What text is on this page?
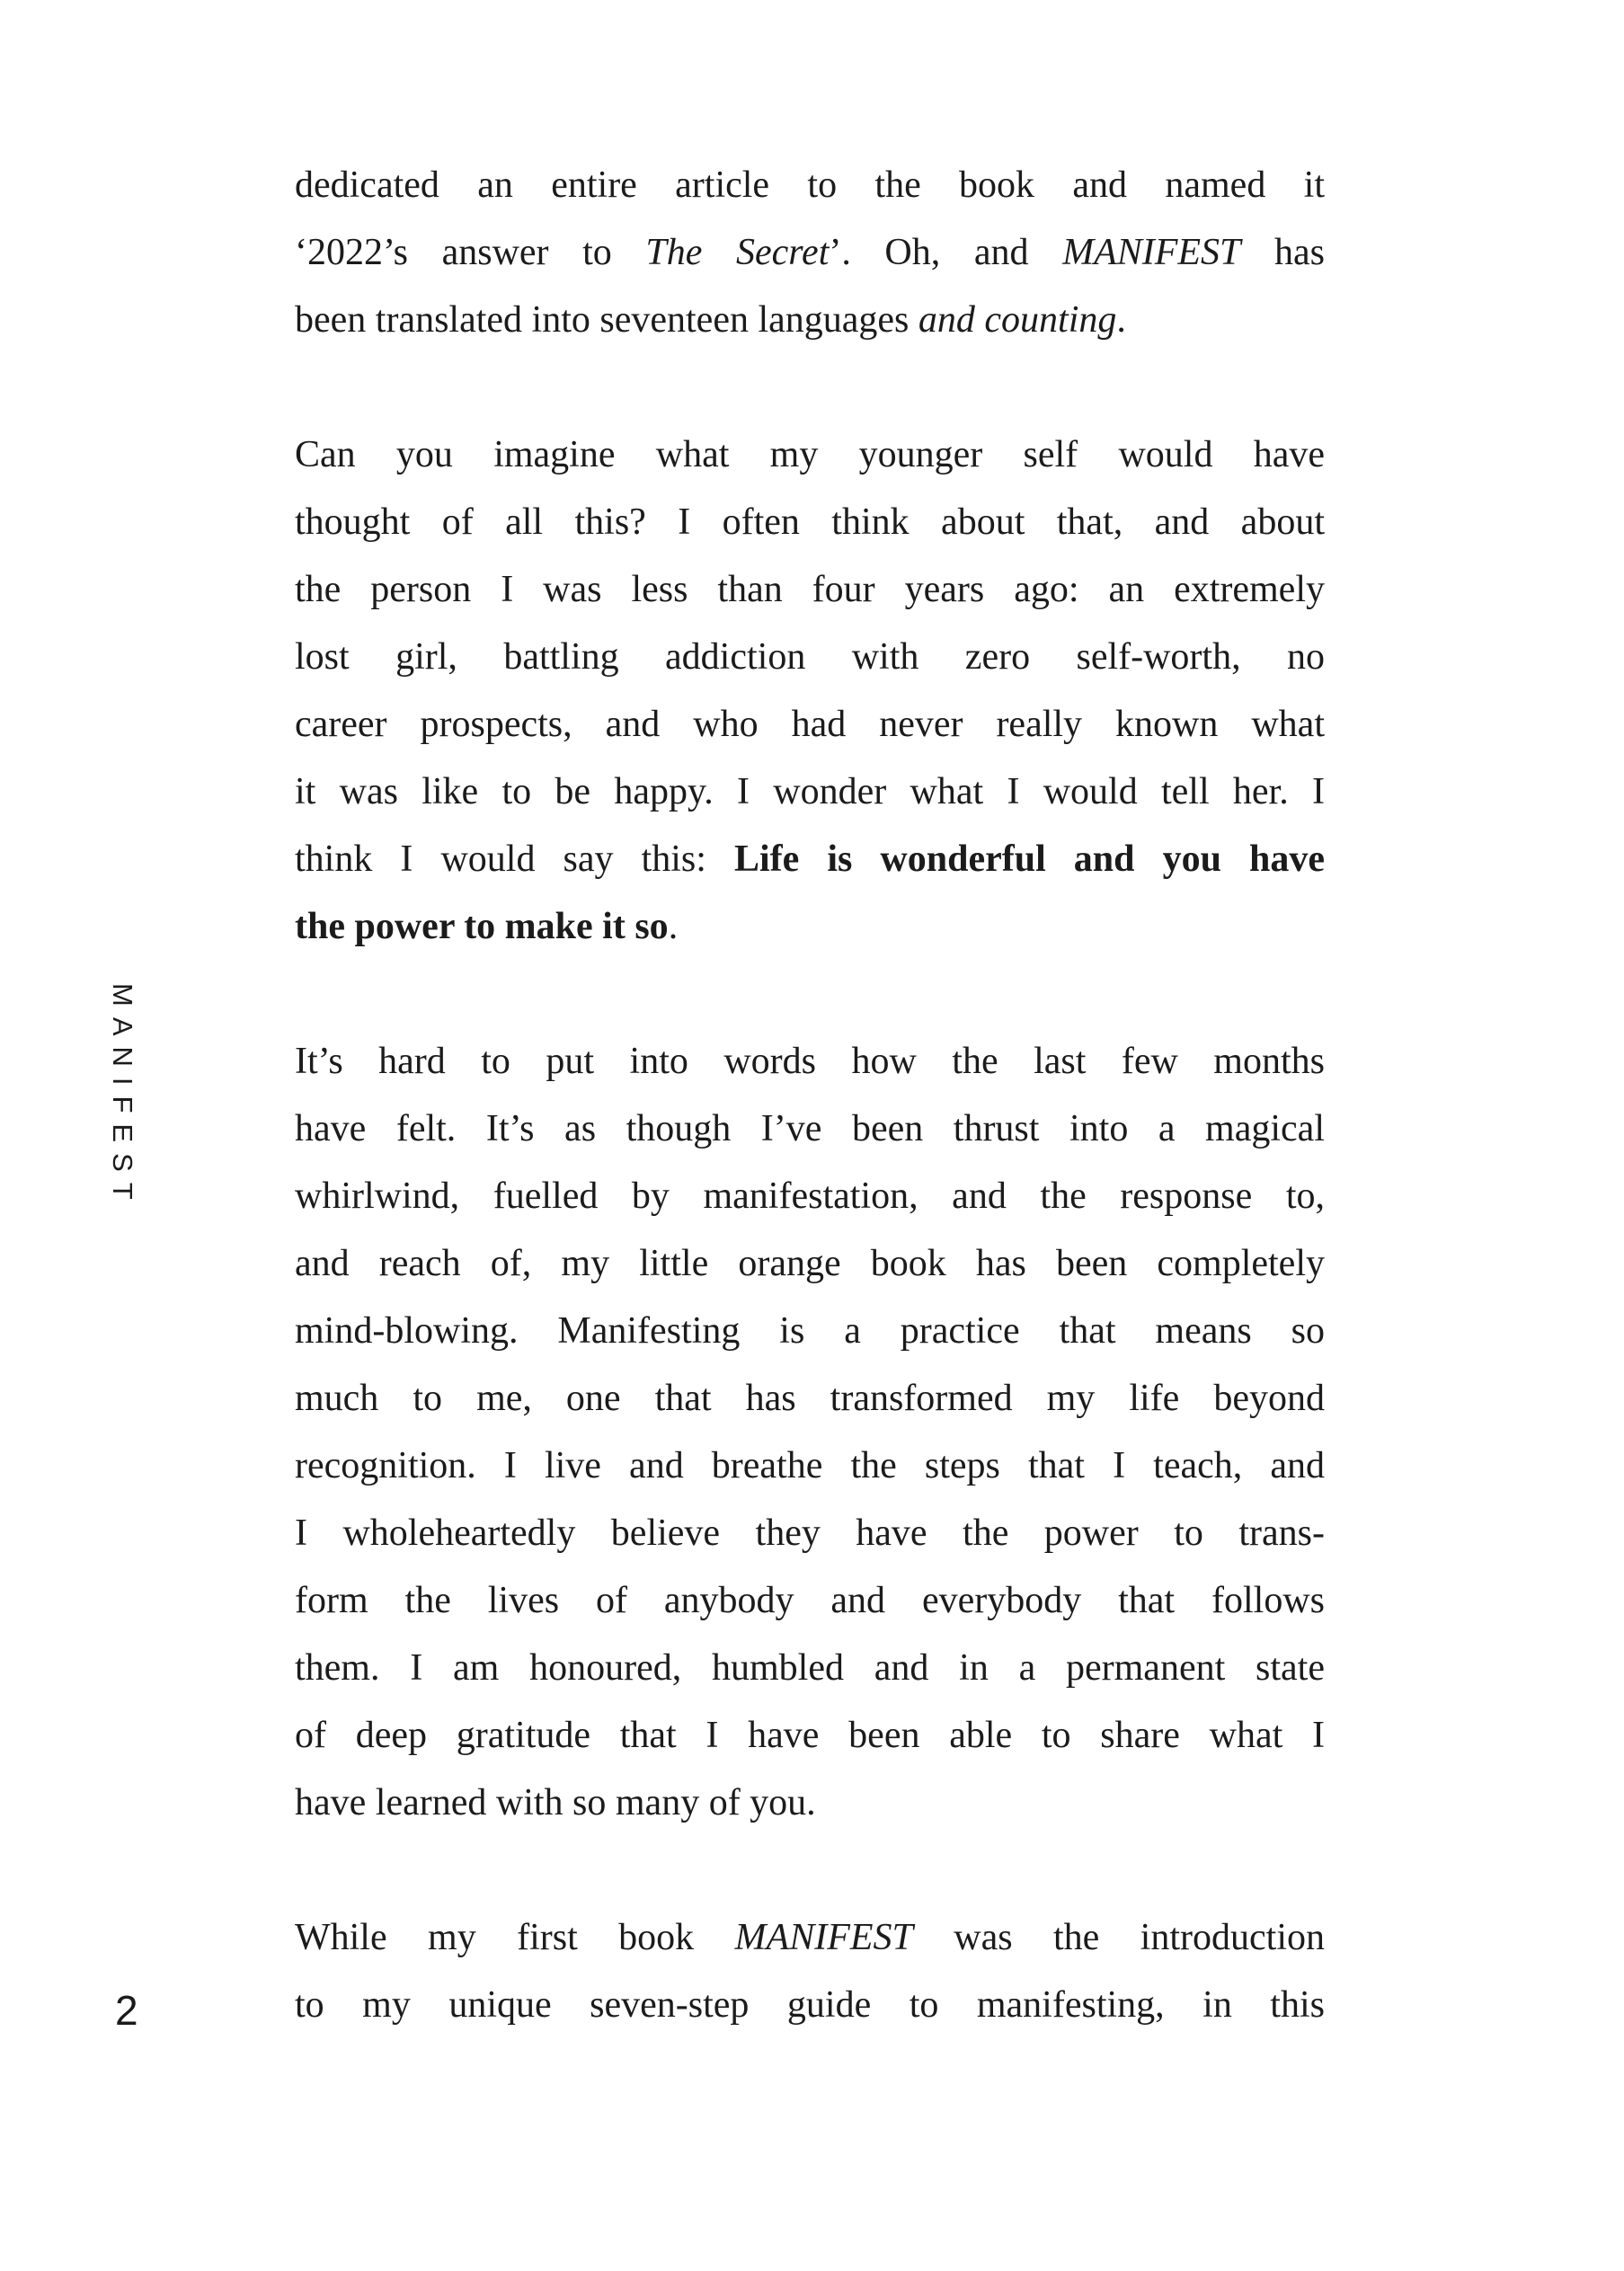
MANIFEST
dedicated an entire article to the book and named it
‘2022’s answer to The Secret’. Oh, and MANIFEST has
been translated into seventeen languages and counting.
Can you imagine what my younger self would have
thought of all this? I often think about that, and about
the person I was less than four years ago: an extremely
lost girl, battling addiction with zero self-worth, no
career prospects, and who had never really known what
it was like to be happy. I wonder what I would tell her. I
think I would say this: Life is wonderful and you have
the power to make it so.
It’s hard to put into words how the last few months
have felt. It’s as though I’ve been thrust into a magical
whirlwind, fuelled by manifestation, and the response to,
and reach of, my little orange book has been completely
mind-blowing. Manifesting is a practice that means so
much to me, one that has transformed my life beyond
recognition. I live and breathe the steps that I teach, and
I wholeheartedly believe they have the power to trans-
form the lives of anybody and everybody that follows
them. I am honoured, humbled and in a permanent state
of deep gratitude that I have been able to share what I
have learned with so many of you.
While my first book MANIFEST was the introduction
to my unique seven-step guide to manifesting, in this
2
